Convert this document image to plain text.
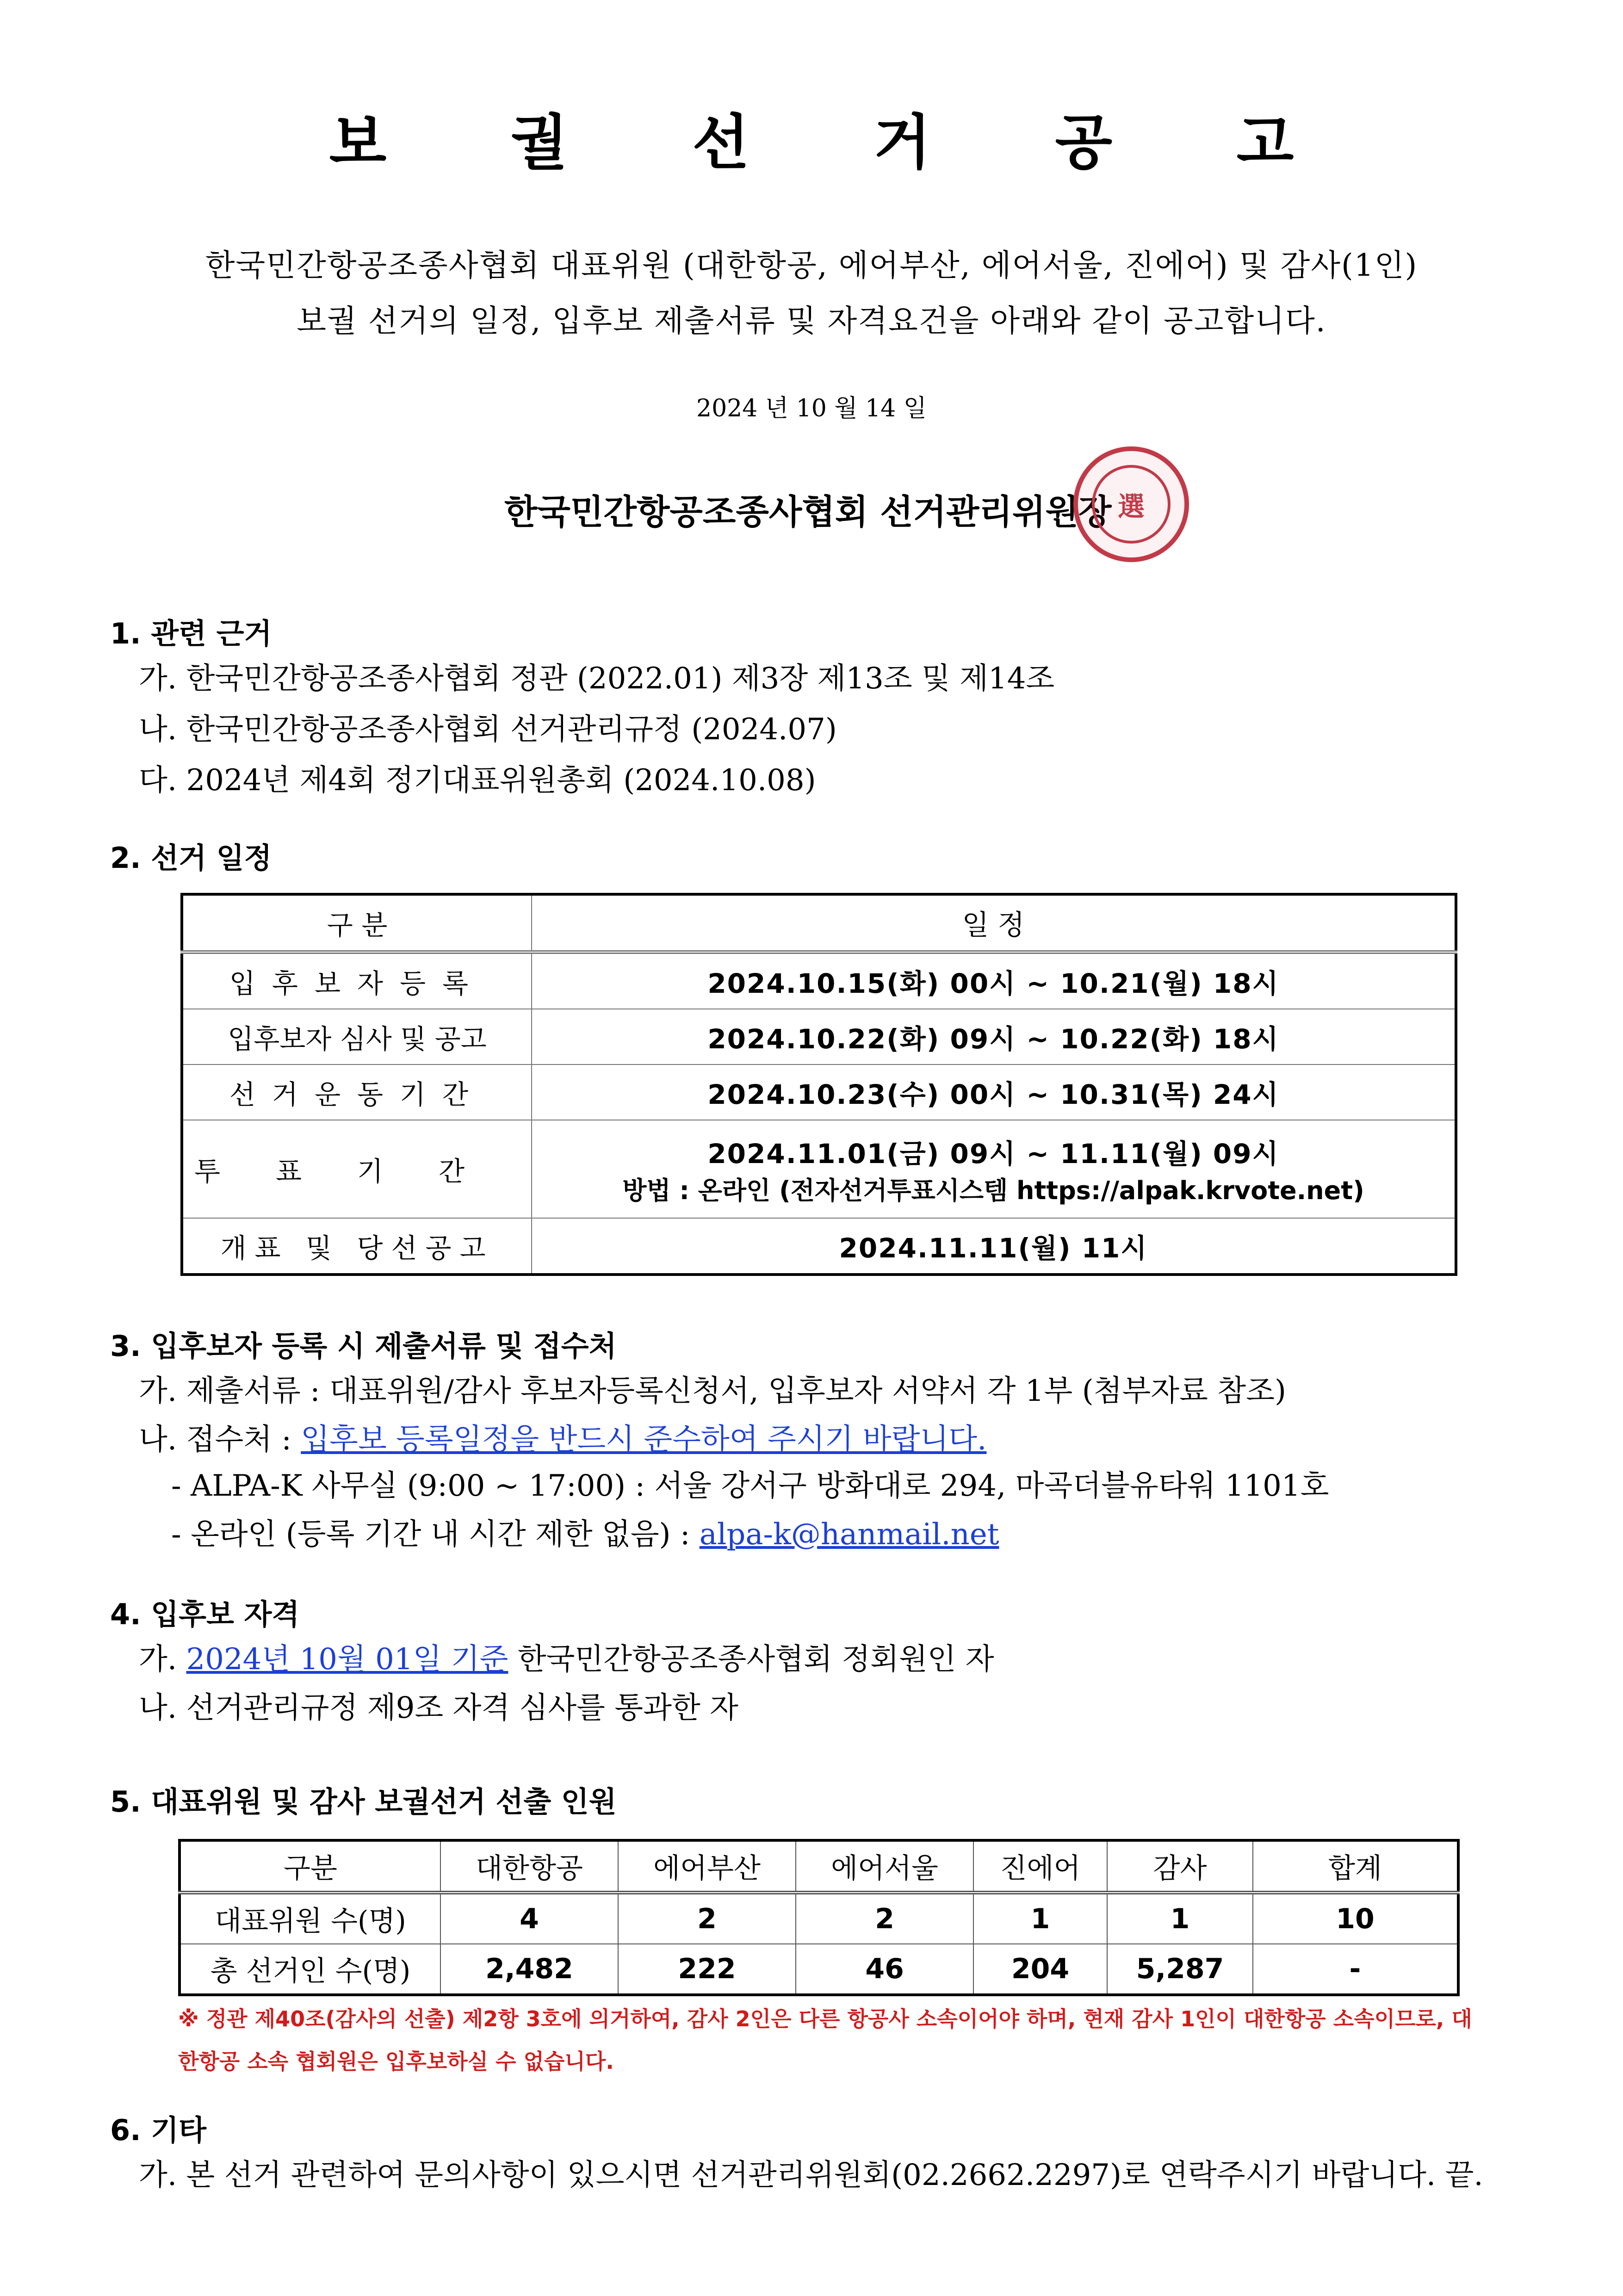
보 궐 선 거 공 고
한국민간항공조종사협회 대표위원 (대한항공, 에어부산, 에어서울, 진에어) 및 감사(1인)
보궐 선거의 일정, 입후보 제출서류 및 자격요건을 아래와 같이 공고합니다.
2024 년 10 월 14 일
한국민간항공조종사협회 선거관리위원장 選
1. 관련 근거
가. 한국민간항공조종사협회 정관 (2022.01) 제3장 제13조 및 제14조
나. 한국민간항공조종사협회 선거관리규정 (2024.07)
다. 2024년 제4회 정기대표위원총회 (2024.10.08)
2. 선거 일정
구 분	일 정
입후보자등록	2024.10.15(화) 00시 ~ 10.21(월) 18시
입후보자 심사 및 공고	2024.10.22(화) 09시 ~ 10.22(화) 18시
선거운동기간	2024.10.23(수) 00시 ~ 10.31(목) 24시
투표기간	2024.11.01(금) 09시 ~ 11.11(월) 09시
방법 : 온라인 (전자선거투표시스템 https://alpak.krvote.net)

개표 및 당선공고	2024.11.11(월) 11시
3. 입후보자 등록 시 제출서류 및 접수처
가. 제출서류 : 대표위원/감사 후보자등록신청서, 입후보자 서약서 각 1부 (첨부자료 참조)
나. 접수처 : 입후보 등록일정을 반드시 준수하여 주시기 바랍니다.
- ALPA-K 사무실 (9:00 ~ 17:00) : 서울 강서구 방화대로 294, 마곡더블유타워 1101호
- 온라인 (등록 기간 내 시간 제한 없음) : alpa-k@hanmail.net
4. 입후보 자격
가. 2024년 10월 01일 기준 한국민간항공조종사협회 정회원인 자
나. 선거관리규정 제9조 자격 심사를 통과한 자
5. 대표위원 및 감사 보궐선거 선출 인원
구분	대한항공	에어부산	에어서울	진에어	감사	합계
대표위원 수(명)	4	2	2	1	1	10
총 선거인 수(명)	2,482	222	46	204	5,287	-
※ 정관 제40조(감사의 선출) 제2항 3호에 의거하여, 감사 2인은 다른 항공사 소속이어야 하며, 현재 감사 1인이 대한항공 소속이므로, 대한항공 소속 협회원은 입후보하실 수 없습니다.
6. 기타
가. 본 선거 관련하여 문의사항이 있으시면 선거관리위원회(02.2662.2297)로 연락주시기 바랍니다. 끝.
